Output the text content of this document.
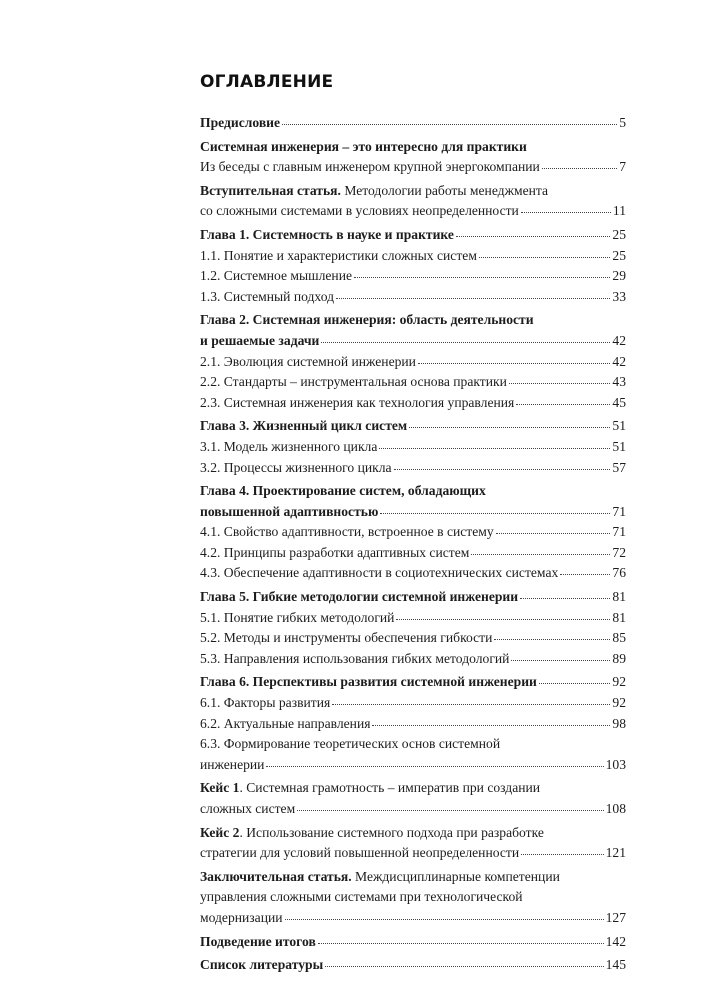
ОГЛАВЛЕНИЕ
Предисловие	5
Системная инженерия – это интересно для практики
Из беседы с главным инженером крупной энергокомпании	7
Вступительная статья. Методологии работы менеджмента
со сложными системами в условиях неопределенности	11
Глава 1. Системность в науке и практике	25
1.1. Понятие и характеристики сложных систем	25
1.2. Системное мышление	29
1.3. Системный подход	33
Глава 2. Системная инженерия: область деятельности
и решаемые задачи	42
2.1. Эволюция системной инженерии	42
2.2. Стандарты – инструментальная основа практики	43
2.3. Системная инженерия как технология управления	45
Глава 3. Жизненный цикл систем	51
3.1. Модель жизненного цикла	51
3.2. Процессы жизненного цикла	57
Глава 4. Проектирование систем, обладающих
повышенной адаптивностью	71
4.1. Свойство адаптивности, встроенное в систему	71
4.2. Принципы разработки адаптивных систем	72
4.3. Обеспечение адаптивности в социотехнических системах	76
Глава 5. Гибкие методологии системной инженерии	81
5.1. Понятие гибких методологий	81
5.2. Методы и инструменты обеспечения гибкости	85
5.3. Направления использования гибких методологий	89
Глава 6. Перспективы развития системной инженерии	92
6.1. Факторы развития	92
6.2. Актуальные направления	98
6.3. Формирование теоретических основ системной
инженерии	103
Кейс 1. Системная грамотность – императив при создании
сложных систем	108
Кейс 2. Использование системного подхода при разработке
стратегии для условий повышенной неопределенности	121
Заключительная статья. Междисциплинарные компетенции
управления сложными системами при технологической
модернизации	127
Подведение итогов	142
Список литературы	145
